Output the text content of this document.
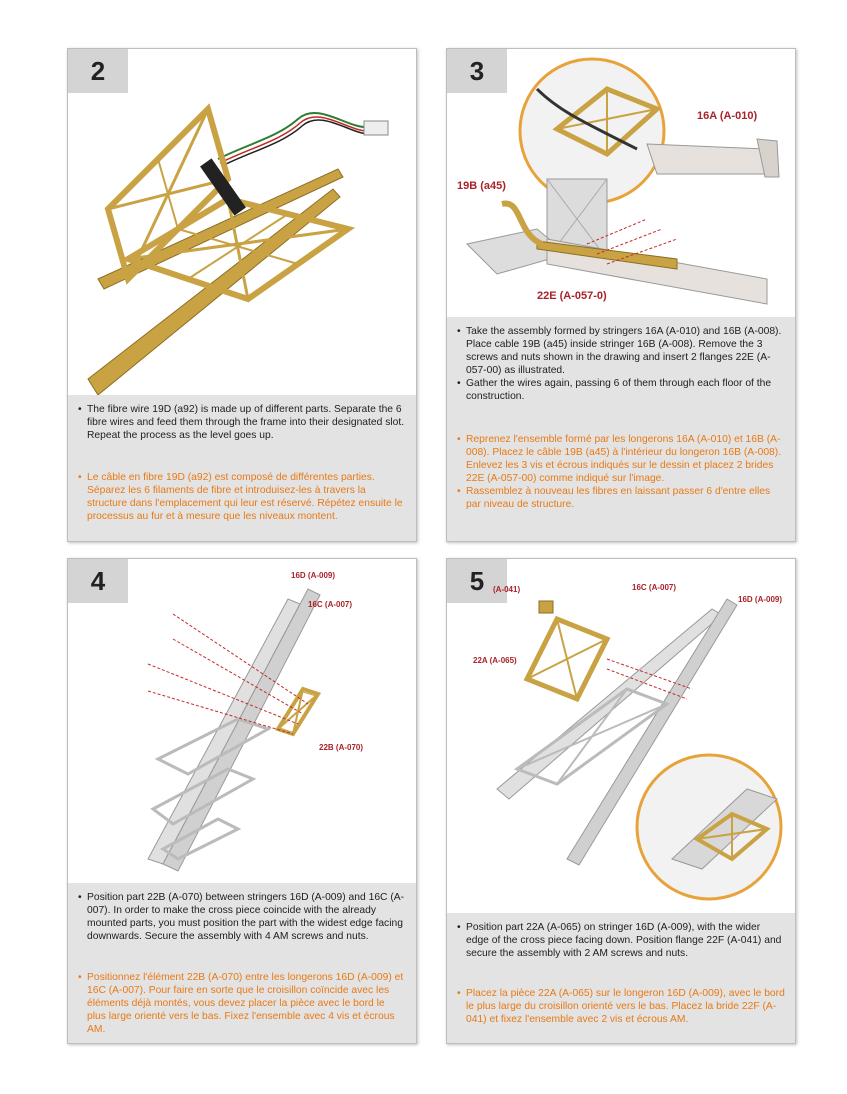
2
• The fibre wire 19D (a92) is made up of different parts. Separate the 6 fibre wires and feed them through the frame into their designated slot. Repeat the process as the level goes up.
• Le câble en fibre 19D (a92) est composé de différentes parties. Séparez les 6 filaments de fibre et introduisez-les à travers la structure dans l'emplacement qui leur est réservé. Répétez ensuite le processus au fur et à mesure que les niveaux montent.
3
16A (A-010)
19B (a45)
22E (A-057-0)
• Take the assembly formed by stringers 16A (A-010) and 16B (A-008). Place cable 19B (a45) inside stringer 16B (A-008). Remove the 3 screws and nuts shown in the drawing and insert 2 flanges 22E (A-057-00) as illustrated.
• Gather the wires again, passing 6 of them through each floor of the construction.
• Reprenez l'ensemble formé par les longerons 16A (A-010) et 16B (A-008). Placez le câble 19B (a45) à l'intérieur du longeron 16B (A-008). Enlevez les 3 vis et écrous indiqués sur le dessin et placez 2 brides 22E (A-057-00) comme indiqué sur l'image.
• Rassemblez à nouveau les fibres en laissant passer 6 d'entre elles par niveau de structure.
4	16D (A-009)
16C (A-007)
22B (A-070)
• Position part 22B (A-070) between stringers 16D (A-009) and 16C (A-007). In order to make the cross piece coincide with the already mounted parts, you must position the part with the widest edge facing downwards. Secure the assembly with 4 AM screws and nuts.
• Positionnez l'élément 22B (A-070) entre les longerons 16D (A-009) et 16C (A-007). Pour faire en sorte que le croisillon coïncide avec les éléments déjà montés, vous devez placer la pièce avec le bord le plus large orienté vers le bas. Fixez l'ensemble avec 4 vis et écrous AM.
5	(A-041)	16C (A-007)
16D (A-009)
22A (A-065)
• Position part 22A (A-065) on stringer 16D (A-009), with the wider edge of the cross piece facing down. Position flange 22F (A-041) and secure the assembly with 2 AM screws and nuts.
• Placez la pièce 22A (A-065) sur le longeron 16D (A-009), avec le bord le plus large du croisillon orienté vers le bas. Placez la bride 22F (A-041) et fixez l'ensemble avec 2 vis et écrous AM.
